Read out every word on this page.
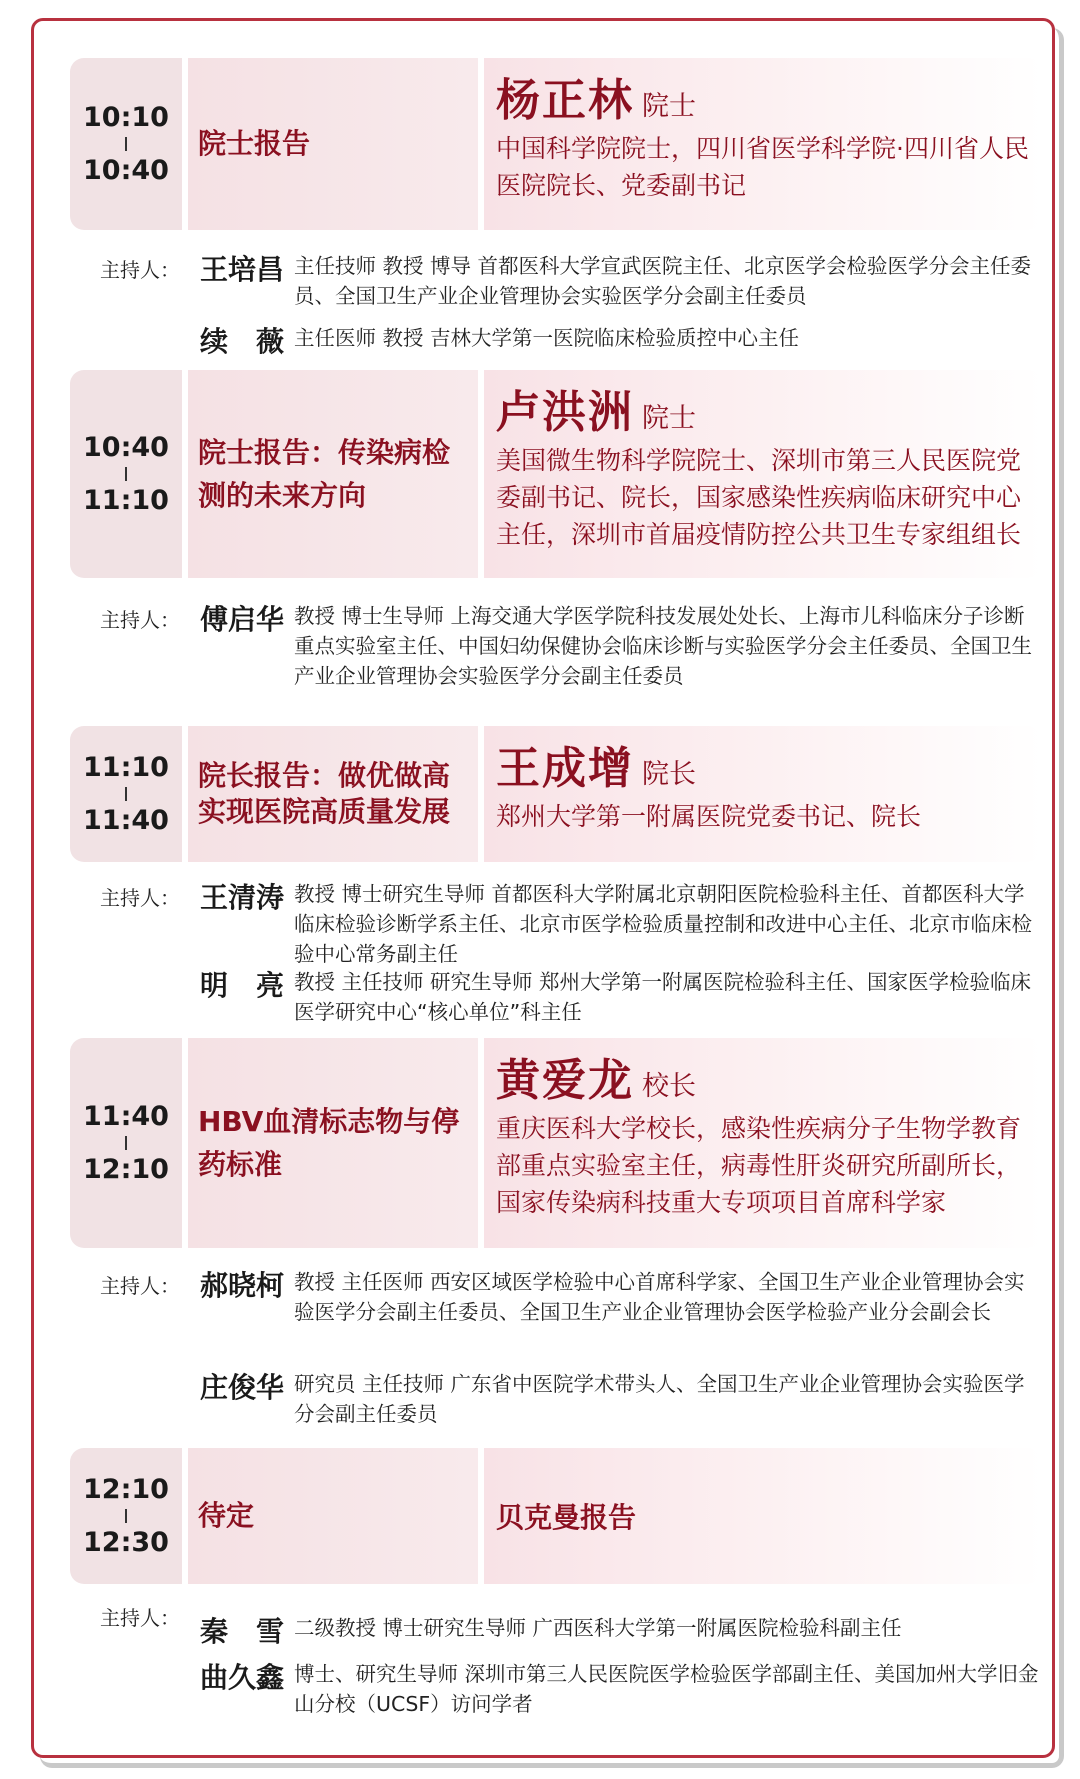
10:10
10:40
院士报告
杨正林 院士
中国科学院院士，四川省医学科学院·四川省人民医院院长、党委副书记
主持人： 王培昌 主任技师 教授 博导 首都医科大学宣武医院主任、北京医学会检验医学分会主任委员、全国卫生产业企业管理协会实验医学分会副主任委员
续　薇 主任医师 教授 吉林大学第一医院临床检验质控中心主任
10:40
11:10
院士报告：传染病检测的未来方向
卢洪洲 院士
美国微生物科学院院士、深圳市第三人民医院党委副书记、院长，国家感染性疾病临床研究中心主任，深圳市首届疫情防控公共卫生专家组组长
主持人： 傅启华 教授 博士生导师 上海交通大学医学院科技发展处处长、上海市儿科临床分子诊断重点实验室主任、中国妇幼保健协会临床诊断与实验医学分会主任委员、全国卫生产业企业管理协会实验医学分会副主任委员
11:10
11:40
院长报告：做优做高 实现医院高质量发展
王成增 院长
郑州大学第一附属医院党委书记、院长
主持人： 王清涛 教授 博士研究生导师 首都医科大学附属北京朝阳医院检验科主任、首都医科大学临床检验诊断学系主任、北京市医学检验质量控制和改进中心主任、北京市临床检验中心常务副主任
明　亮 教授 主任技师 研究生导师 郑州大学第一附属医院检验科主任、国家医学检验临床医学研究中心“核心单位”科主任
11:40
12:10
HBV血清标志物与停药标准
黄爱龙 校长
重庆医科大学校长，感染性疾病分子生物学教育部重点实验室主任，病毒性肝炎研究所副所长，国家传染病科技重大专项项目首席科学家
主持人： 郝晓柯 教授 主任医师 西安区域医学检验中心首席科学家、全国卫生产业企业管理协会实验医学分会副主任委员、全国卫生产业企业管理协会医学检验产业分会副会长
庄俊华 研究员 主任技师 广东省中医院学术带头人、全国卫生产业企业管理协会实验医学分会副主任委员
12:10
12:30
待定	贝克曼报告
主持人： 秦　雪 二级教授 博士研究生导师 广西医科大学第一附属医院检验科副主任
曲久鑫 博士、研究生导师 深圳市第三人民医院医学检验医学部副主任、美国加州大学旧金山分校（UCSF）访问学者
